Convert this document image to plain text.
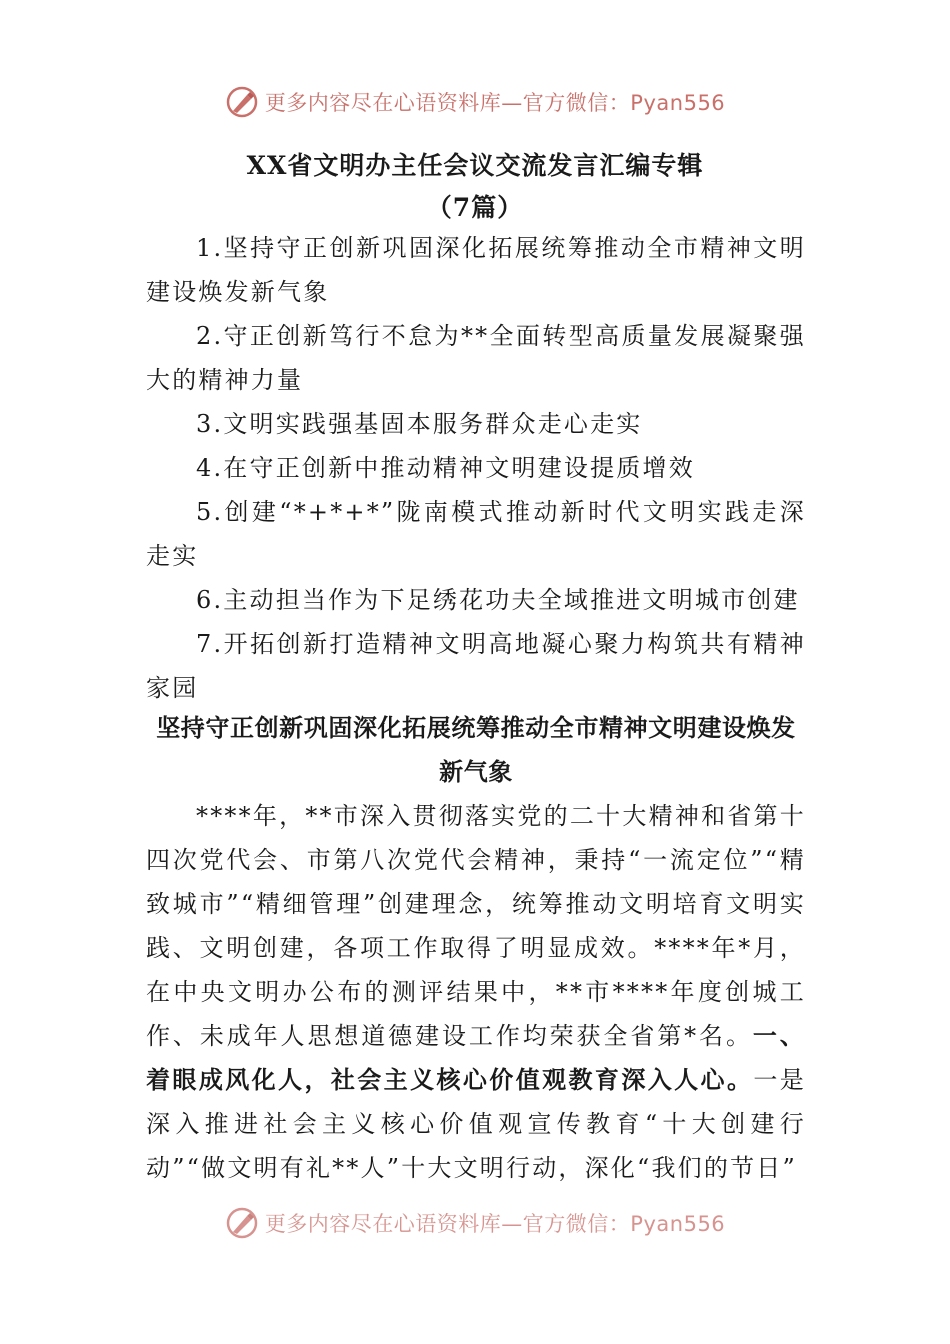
更多内容尽在心语资料库—官方微信：Pyan556
XX省文明办主任会议交流发言汇编专辑
（7篇）
1.坚持守正创新巩固深化拓展统筹推动全市精神文明建设焕发新气象
2.守正创新笃行不怠为**全面转型高质量发展凝聚强大的精神力量
3.文明实践强基固本服务群众走心走实
4.在守正创新中推动精神文明建设提质增效
5.创建“*+*+*”陇南模式推动新时代文明实践走深走实
6.主动担当作为下足绣花功夫全域推进文明城市创建
7.开拓创新打造精神文明高地凝心聚力构筑共有精神家园
坚持守正创新巩固深化拓展统筹推动全市精神文明建设焕发新气象

****年，**市深入贯彻落实党的二十大精神和省第十四次党代会、市第八次党代会精神，秉持“一流定位”“精致城市”“精细管理”创建理念，统筹推动文明培育文明实践、文明创建，各项工作取得了明显成效。****年*月，在中央文明办公布的测评结果中，**市****年度创城工作、未成年人思想道德建设工作均荣获全省第*名。一、着眼成风化人，社会主义核心价值观教育深入人心。一是深入推进社会主义核心价值观宣传教育“十大创建行动”“做文明有礼**人”十大文明行动，深化“我们的节日”

更多内容尽在心语资料库—官方微信：Pyan556
